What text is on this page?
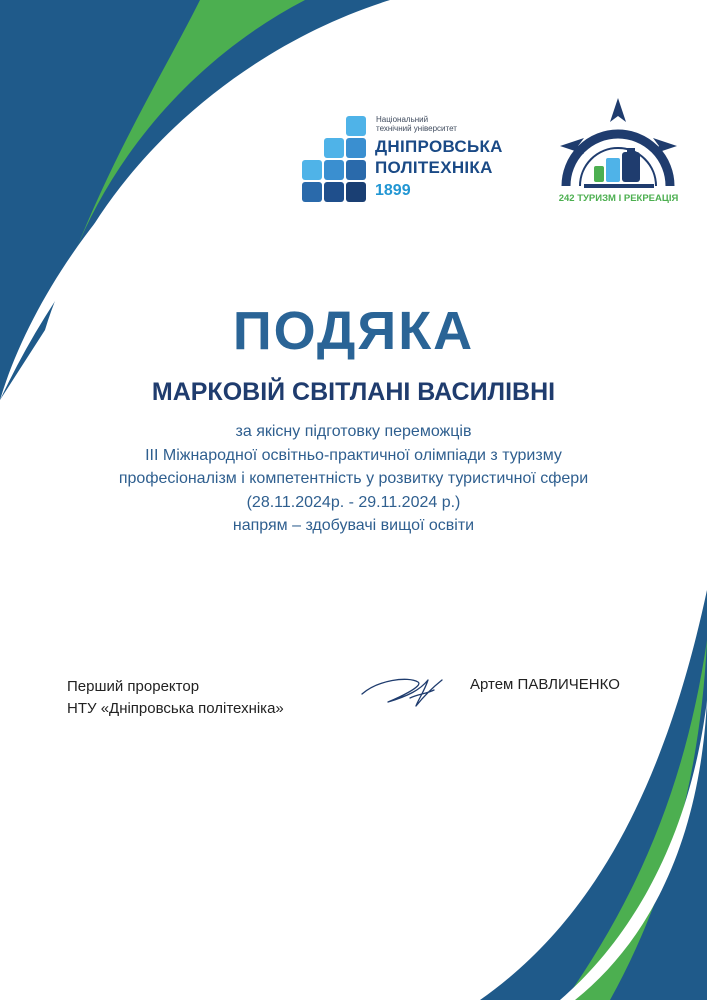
Національний
технічний університет
ДНІПРОВСЬКА
ПОЛІТЕХНІКА
1899	242 ТУРИЗМ І РЕКРЕАЦІЯ
ПОДЯКА
МАРКОВІЙ СВІТЛАНІ ВАСИЛІВНІ
за якісну підготовку переможців
ІІІ Міжнародної освітньо-практичної олімпіади з туризму
професіоналізм і компетентність у розвитку туристичної сфери
(28.11.2024р. - 29.11.2024 р.)
напрям – здобувачі вищої освіти
Перший проректор
НТУ «Дніпровська політехніка»
Артем ПАВЛИЧЕНКО
